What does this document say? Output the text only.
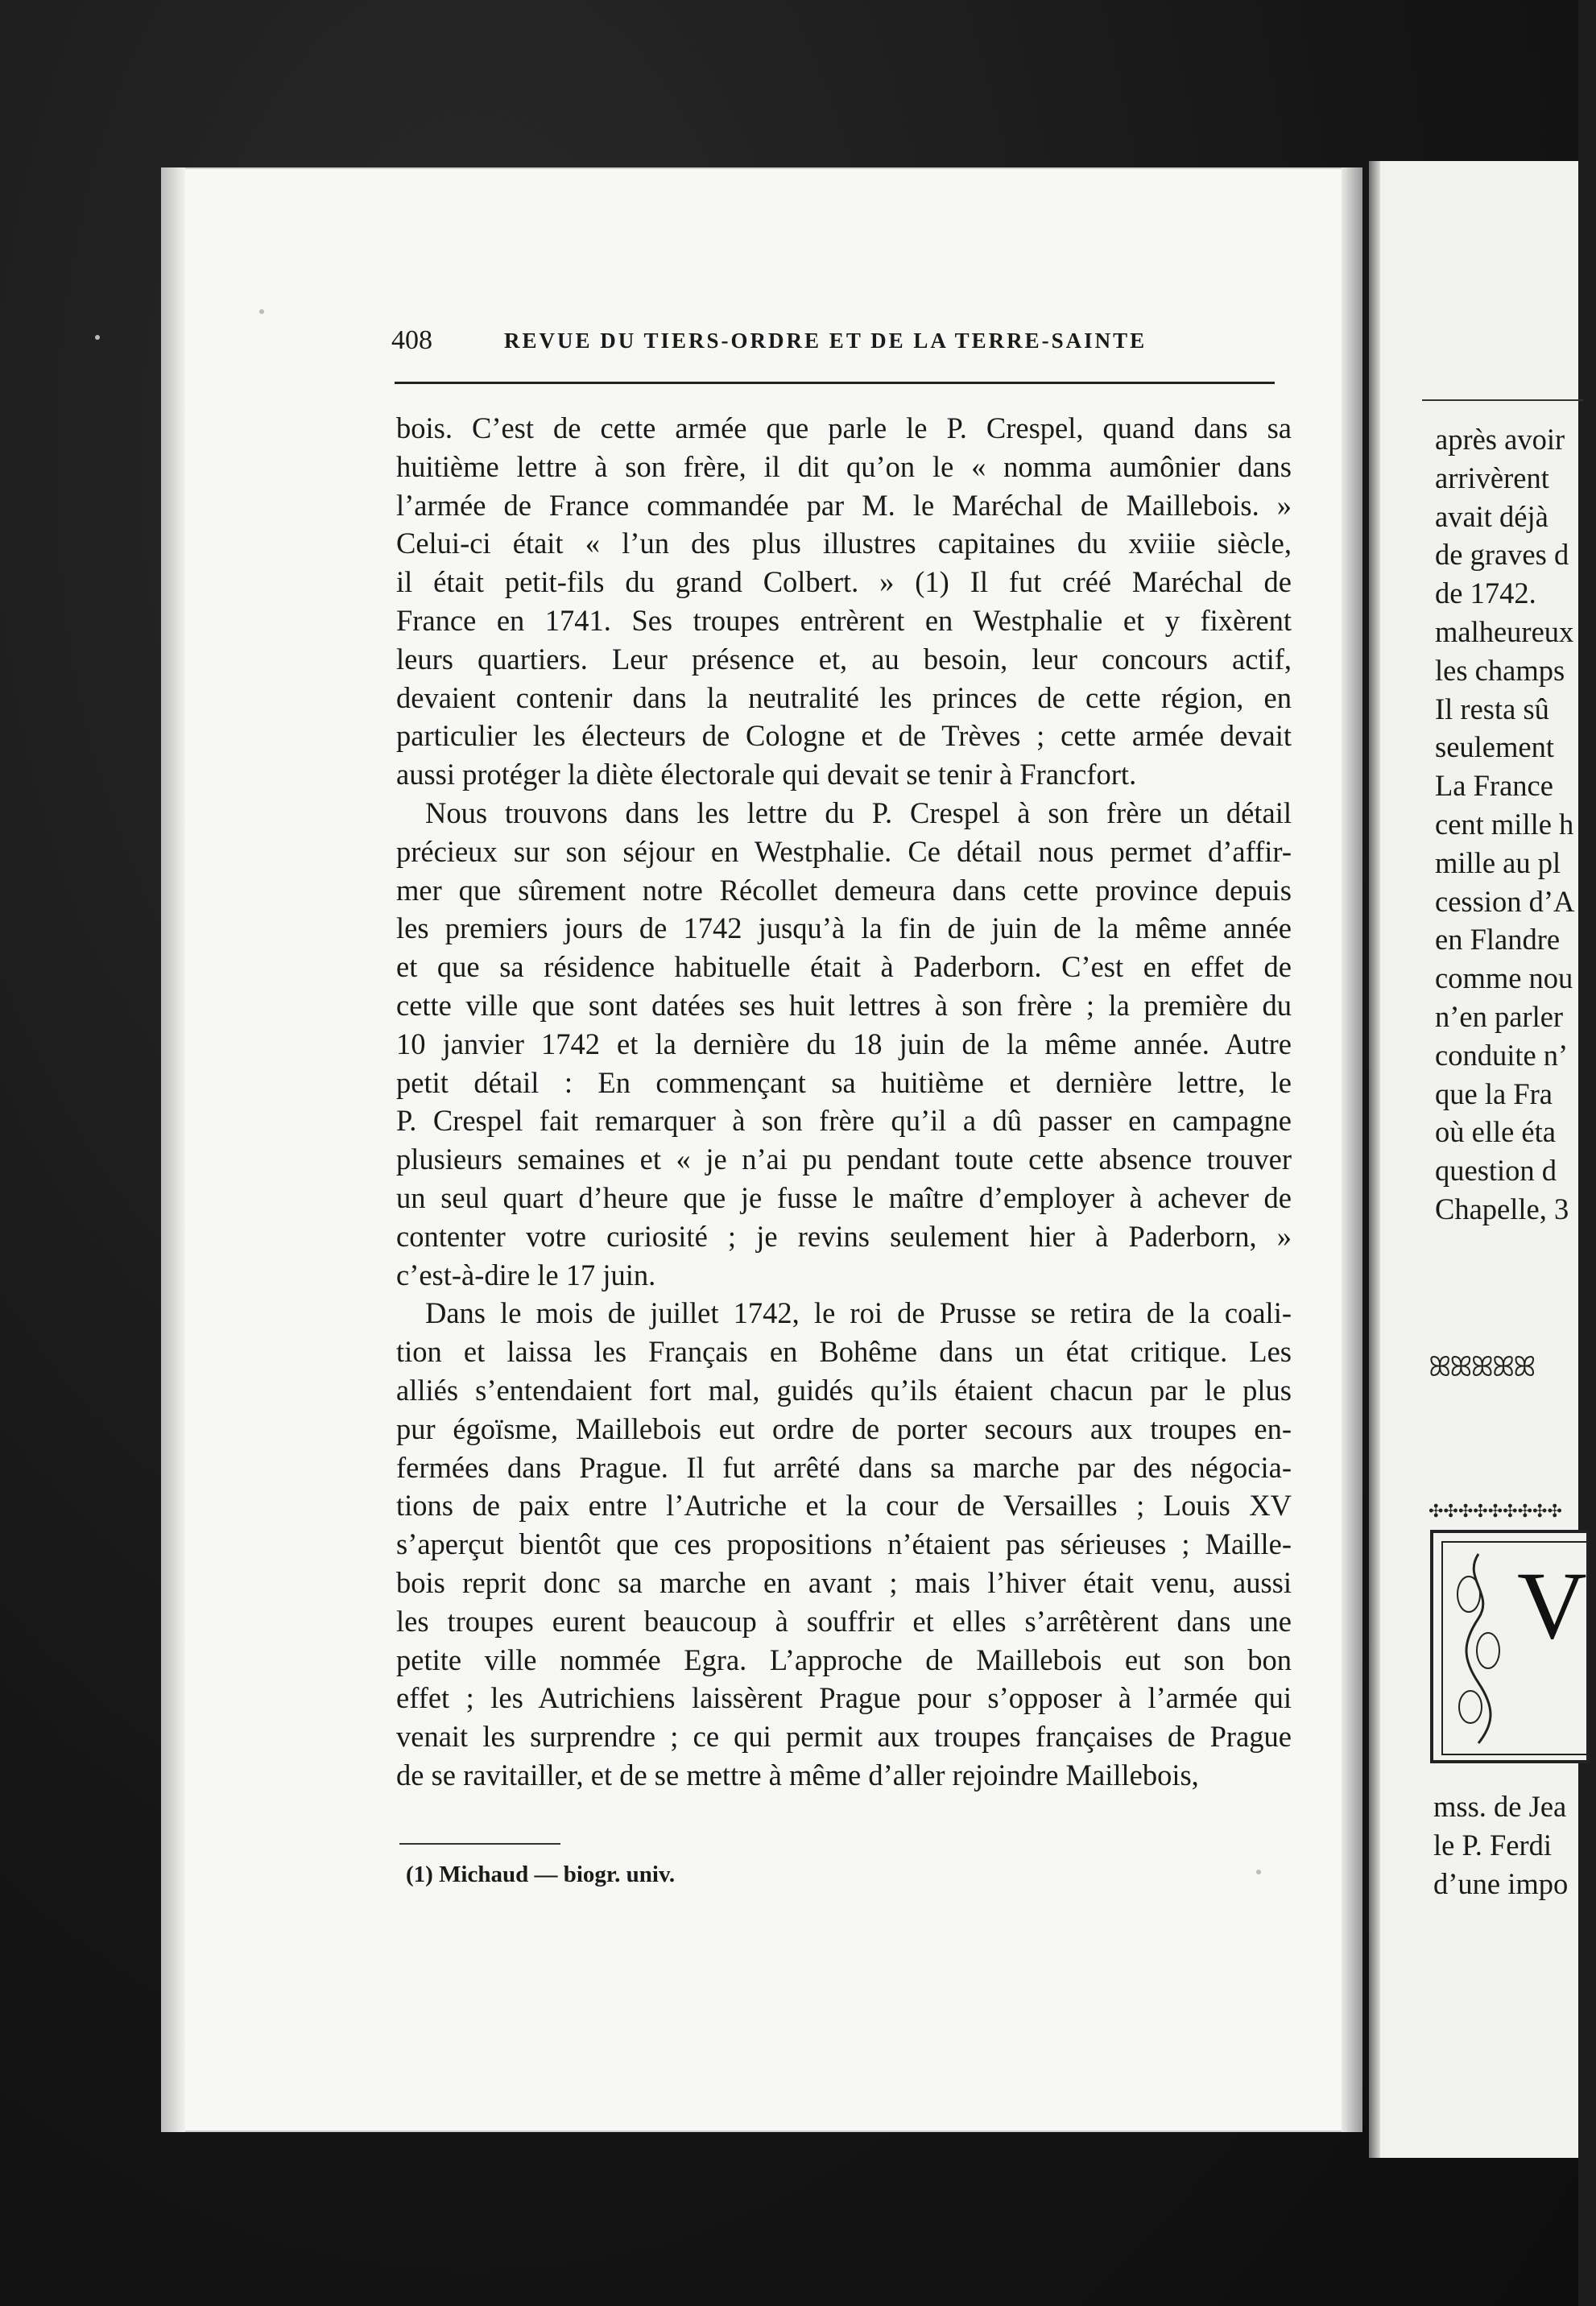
après avoir
arrivèrent
avait déjà
de graves d
de 1742.
malheureux
les champs
Il resta sû
seulement
La France
cent mille h
mille au pl
cession d’A
en Flandre
comme nou
n’en parler
conduite n’
que la Fra
où elle éta
question d
Chapelle, 3
ꕤꕤꕤꕤꕤ
✣✣✣✣✣✣✣✣✣
V
mss. de Jea
le P. Ferdi
d’une impo
408	REVUE DU TIERS-ORDRE ET DE LA TERRE-SAINTE
bois. C’est de cette armée que parle le P. Crespel, quand dans sa
huitième lettre à son frère, il dit qu’on le « nomma aumônier dans
l’armée de France commandée par M. le Maréchal de Maillebois. »
Celui-ci était « l’un des plus illustres capitaines du xviiie siècle,
il était petit-fils du grand Colbert. » (1) Il fut créé Maréchal de
France en 1741. Ses troupes entrèrent en Westphalie et y fixèrent
leurs quartiers. Leur présence et, au besoin, leur concours actif,
devaient contenir dans la neutralité les princes de cette région, en
particulier les électeurs de Cologne et de Trèves ; cette armée devait
aussi protéger la diète électorale qui devait se tenir à Francfort.
Nous trouvons dans les lettre du P. Crespel à son frère un détail
précieux sur son séjour en Westphalie. Ce détail nous permet d’affir-
mer que sûrement notre Récollet demeura dans cette province depuis
les premiers jours de 1742 jusqu’à la fin de juin de la même année
et que sa résidence habituelle était à Paderborn. C’est en effet de
cette ville que sont datées ses huit lettres à son frère ; la première du
10 janvier 1742 et la dernière du 18 juin de la même année. Autre
petit détail : En commençant sa huitième et dernière lettre, le
P. Crespel fait remarquer à son frère qu’il a dû passer en campagne
plusieurs semaines et « je n’ai pu pendant toute cette absence trouver
un seul quart d’heure que je fusse le maître d’employer à achever de
contenter votre curiosité ; je revins seulement hier à Paderborn, »
c’est-à-dire le 17 juin.
Dans le mois de juillet 1742, le roi de Prusse se retira de la coali-
tion et laissa les Français en Bohême dans un état critique. Les
alliés s’entendaient fort mal, guidés qu’ils étaient chacun par le plus
pur égoïsme, Maillebois eut ordre de porter secours aux troupes en-
fermées dans Prague. Il fut arrêté dans sa marche par des négocia-
tions de paix entre l’Autriche et la cour de Versailles ; Louis XV
s’aperçut bientôt que ces propositions n’étaient pas sérieuses ; Maille-
bois reprit donc sa marche en avant ; mais l’hiver était venu, aussi
les troupes eurent beaucoup à souffrir et elles s’arrêtèrent dans une
petite ville nommée Egra. L’approche de Maillebois eut son bon
effet ; les Autrichiens laissèrent Prague pour s’opposer à l’armée qui
venait les surprendre ; ce qui permit aux troupes françaises de Prague
de se ravitailler, et de se mettre à même d’aller rejoindre Maillebois,
(1) Michaud — biogr. univ.
